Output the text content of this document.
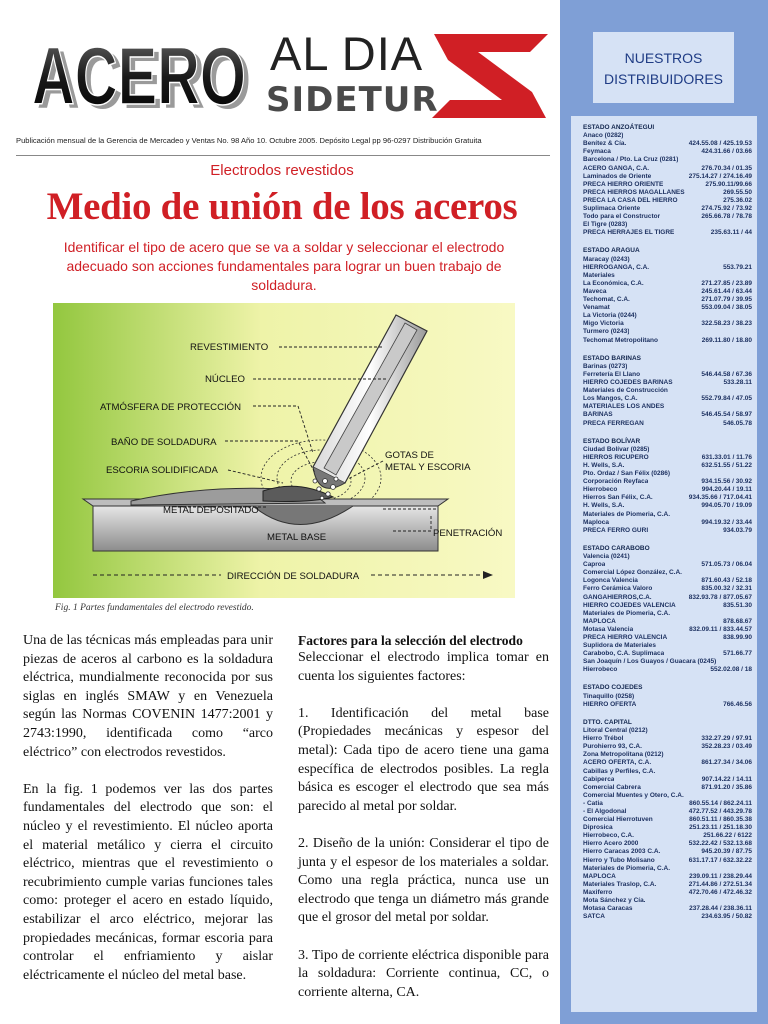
ACERO
ACERO AL DIA
SIDETUR
Publicación mensual de la Gerencia de Mercadeo y Ventas No. 98 Año 10. Octubre 2005. Depósito Legal pp 96-0297 Distribución Gratuita
Electrodos revestidos
Medio de unión de los aceros
Identificar el tipo de acero que se va a soldar y seleccionar el electrodo adecuado son acciones fundamentales para lograr un buen trabajo de soldadura.
REVESTIMIENTO
NÚCLEO
ATMÓSFERA DE PROTECCIÓN
BAÑO DE SOLDADURA
ESCORIA SOLIDIFICADA
GOTAS DE
METAL Y ESCORIA
METAL DEPOSITADO
METAL BASE	PENETRACIÓN
DIRECCIÓN DE SOLDADURA
Fig. 1 Partes fundamentales del electrodo revestido.

Una de las técnicas más empleadas para unir piezas de aceros al carbono es la soldadura eléctrica, mundialmente reconocida por sus siglas en inglés SMAW y en Venezuela según las Normas COVENIN 1477:2001 y 2743:1990, identificada como “arco eléctrico” con electrodos revestidos.

En la fig. 1 podemos ver las dos partes fundamentales del electrodo que son: el núcleo y el revestimiento. El núcleo aporta el material metálico y cierra el circuito eléctrico, mientras que el revestimiento o recubrimiento cumple varias funciones tales como: proteger el acero en estado líquido, estabilizar el arco eléctrico, mejorar las propiedades mecánicas, formar escoria para controlar el enfriamiento y aislar eléctricamente el núcleo del metal base.

Factores para la selección del electrodo

Seleccionar el electrodo implica tomar en cuenta los siguientes factores:

1. Identificación del metal base (Propiedades mecánicas y espesor del metal): Cada tipo de acero tiene una gama específica de electrodos posibles. La regla básica es escoger el electrodo que sea más parecido al metal por soldar.

2. Diseño de la unión: Considerar el tipo de junta y el espesor de los materiales a soldar. Como una regla práctica, nunca use un electrodo que tenga un diámetro más grande que el grosor del metal por soldar.

3. Tipo de corriente eléctrica disponible para la soldadura: Corriente continua, CC, o corriente alterna, CA.

NUESTROS
DISTRIBUIDORES
ESTADO ANZOÁTEGUI
Anaco (0282)
Benítez & Cía.	424.55.08 / 425.19.53
Feymaca	424.31.66 / 03.66
Barcelona / Pto. La Cruz (0281)
ACERO GANGA, C.A.	276.70.34 / 01.35
Laminados de Oriente	275.14.27 / 274.16.49
PRECA HIERRO ORIENTE	275.90.11/99.66
PRECA HIERROS MAGALLANES	269.55.50
PRECA LA CASA DEL HIERRO	275.36.02
Suplimaca Oriente	274.75.92 / 73.92
Todo para el Constructor	265.66.78 / 78.78
El Tigre (0283)
PRECA HERRAJES EL TIGRE	235.63.11 / 44
ESTADO ARAGUA
Maracay (0243)
HIERROGANGA, C.A.	553.79.21
Materiales
La Económica, C.A.	271.27.85 / 23.89
Maveca	245.61.44 / 63.44
Techomat, C.A.	271.07.79 / 39.95
Venamat	553.09.04 / 38.05
La Victoria (0244)
Migo Victoria	322.58.23 / 38.23
Turmero (0243)
Techomat Metropolitano	269.11.80 / 18.80
ESTADO BARINAS
Barinas (0273)
Ferretería El Llano	546.44.58 / 67.36
HIERRO COJEDES BARINAS	533.28.11
Materiales de Construcción
Los Mangos, C.A.	552.79.84 / 47.05
MATERIALES LOS ANDES
BARINAS	546.45.54 / 58.97
PRECA FERREGAN	546.05.78
ESTADO BOLÍVAR
Ciudad Bolívar (0285)
HIERROS RICÚPERO	631.33.01 / 11.76
H. Wells, S.A.	632.51.55 / 51.22
Pto. Ordaz / San Félix (0286)
Corporación Reyfaca	934.15.56 / 30.92
Hierrobeco	994.20.44 / 19.11
Hierros San Félix, C.A.	934.35.66 / 717.04.41
H. Wells, S.A.	994.05.70 / 19.09
Materiales de Piomeria, C.A.
Maploca	994.19.32 / 33.44
PRECA FERRO GURI	934.03.79
ESTADO CARABOBO
Valencia (0241)
Caproa	571.05.73 / 06.04
Comercial López González, C.A.
Logonca Valencia	871.60.43 / 52.18
Ferro Cerámica Valoro	835.00.32 / 32.31
GANGAHIERROS,C.A.	832.93.78 / 877.05.67
HIERRO COJEDES VALENCIA	835.51.30
Materiales de Piomeria, C.A.
MAPLOCA	878.68.67
Motasa Valencia	832.09.11 / 833.44.57
PRECA HIERRO VALENCIA	838.99.90
Suplidora de Materiales
Carabobo, C.A. Suplimaca	571.66.77
San Joaquín / Los Guayos / Guacara (0245)
Hierrobeco	552.02.08 / 18
ESTADO COJEDES
Tinaquillo (0258)
HIERRO OFERTA	766.46.56
DTTO. CAPITAL
Litoral Central (0212)
Hierro Trébol	332.27.29 / 97.91
Purohierro 93, C.A.	352.28.23 / 03.49
Zona Metropolitana (0212)
ACERO OFERTA, C.A.	861.27.34 / 34.06
Cabillas y Perfiles, C.A.
Cabiperca	907.14.22 / 14.11
Comercial Cabrera	871.91.20 / 35.86
Comercial Muentes y Otero, C.A.
- Catia	860.55.14 / 862.24.11
- El Algodonal	472.77.52 / 443.29.78
Comercial Hierrotuven	860.51.11 / 860.35.38
Diprosica	251.23.11 / 251.18.30
Hierrobeco, C.A.	251.66.22 / 6122
Hierro Acero 2000	532.22.42 / 532.13.68
Hierro Caracas 2003 C.A.	945.20.39 / 87.75
Hierro y Tubo Molisano	631.17.17 / 632.32.22
Materiales de Piomeria, C.A.
MAPLOCA	239.09.11 / 238.29.44
Materiales Traslop, C.A.	271.44.86 / 272.51.34
Maxiferro	472.70.46 / 472.46.32
Mota Sánchez y Cía.
Motasa Caracas	237.28.44 / 238.36.11
SATCA	234.63.95 / 50.82
